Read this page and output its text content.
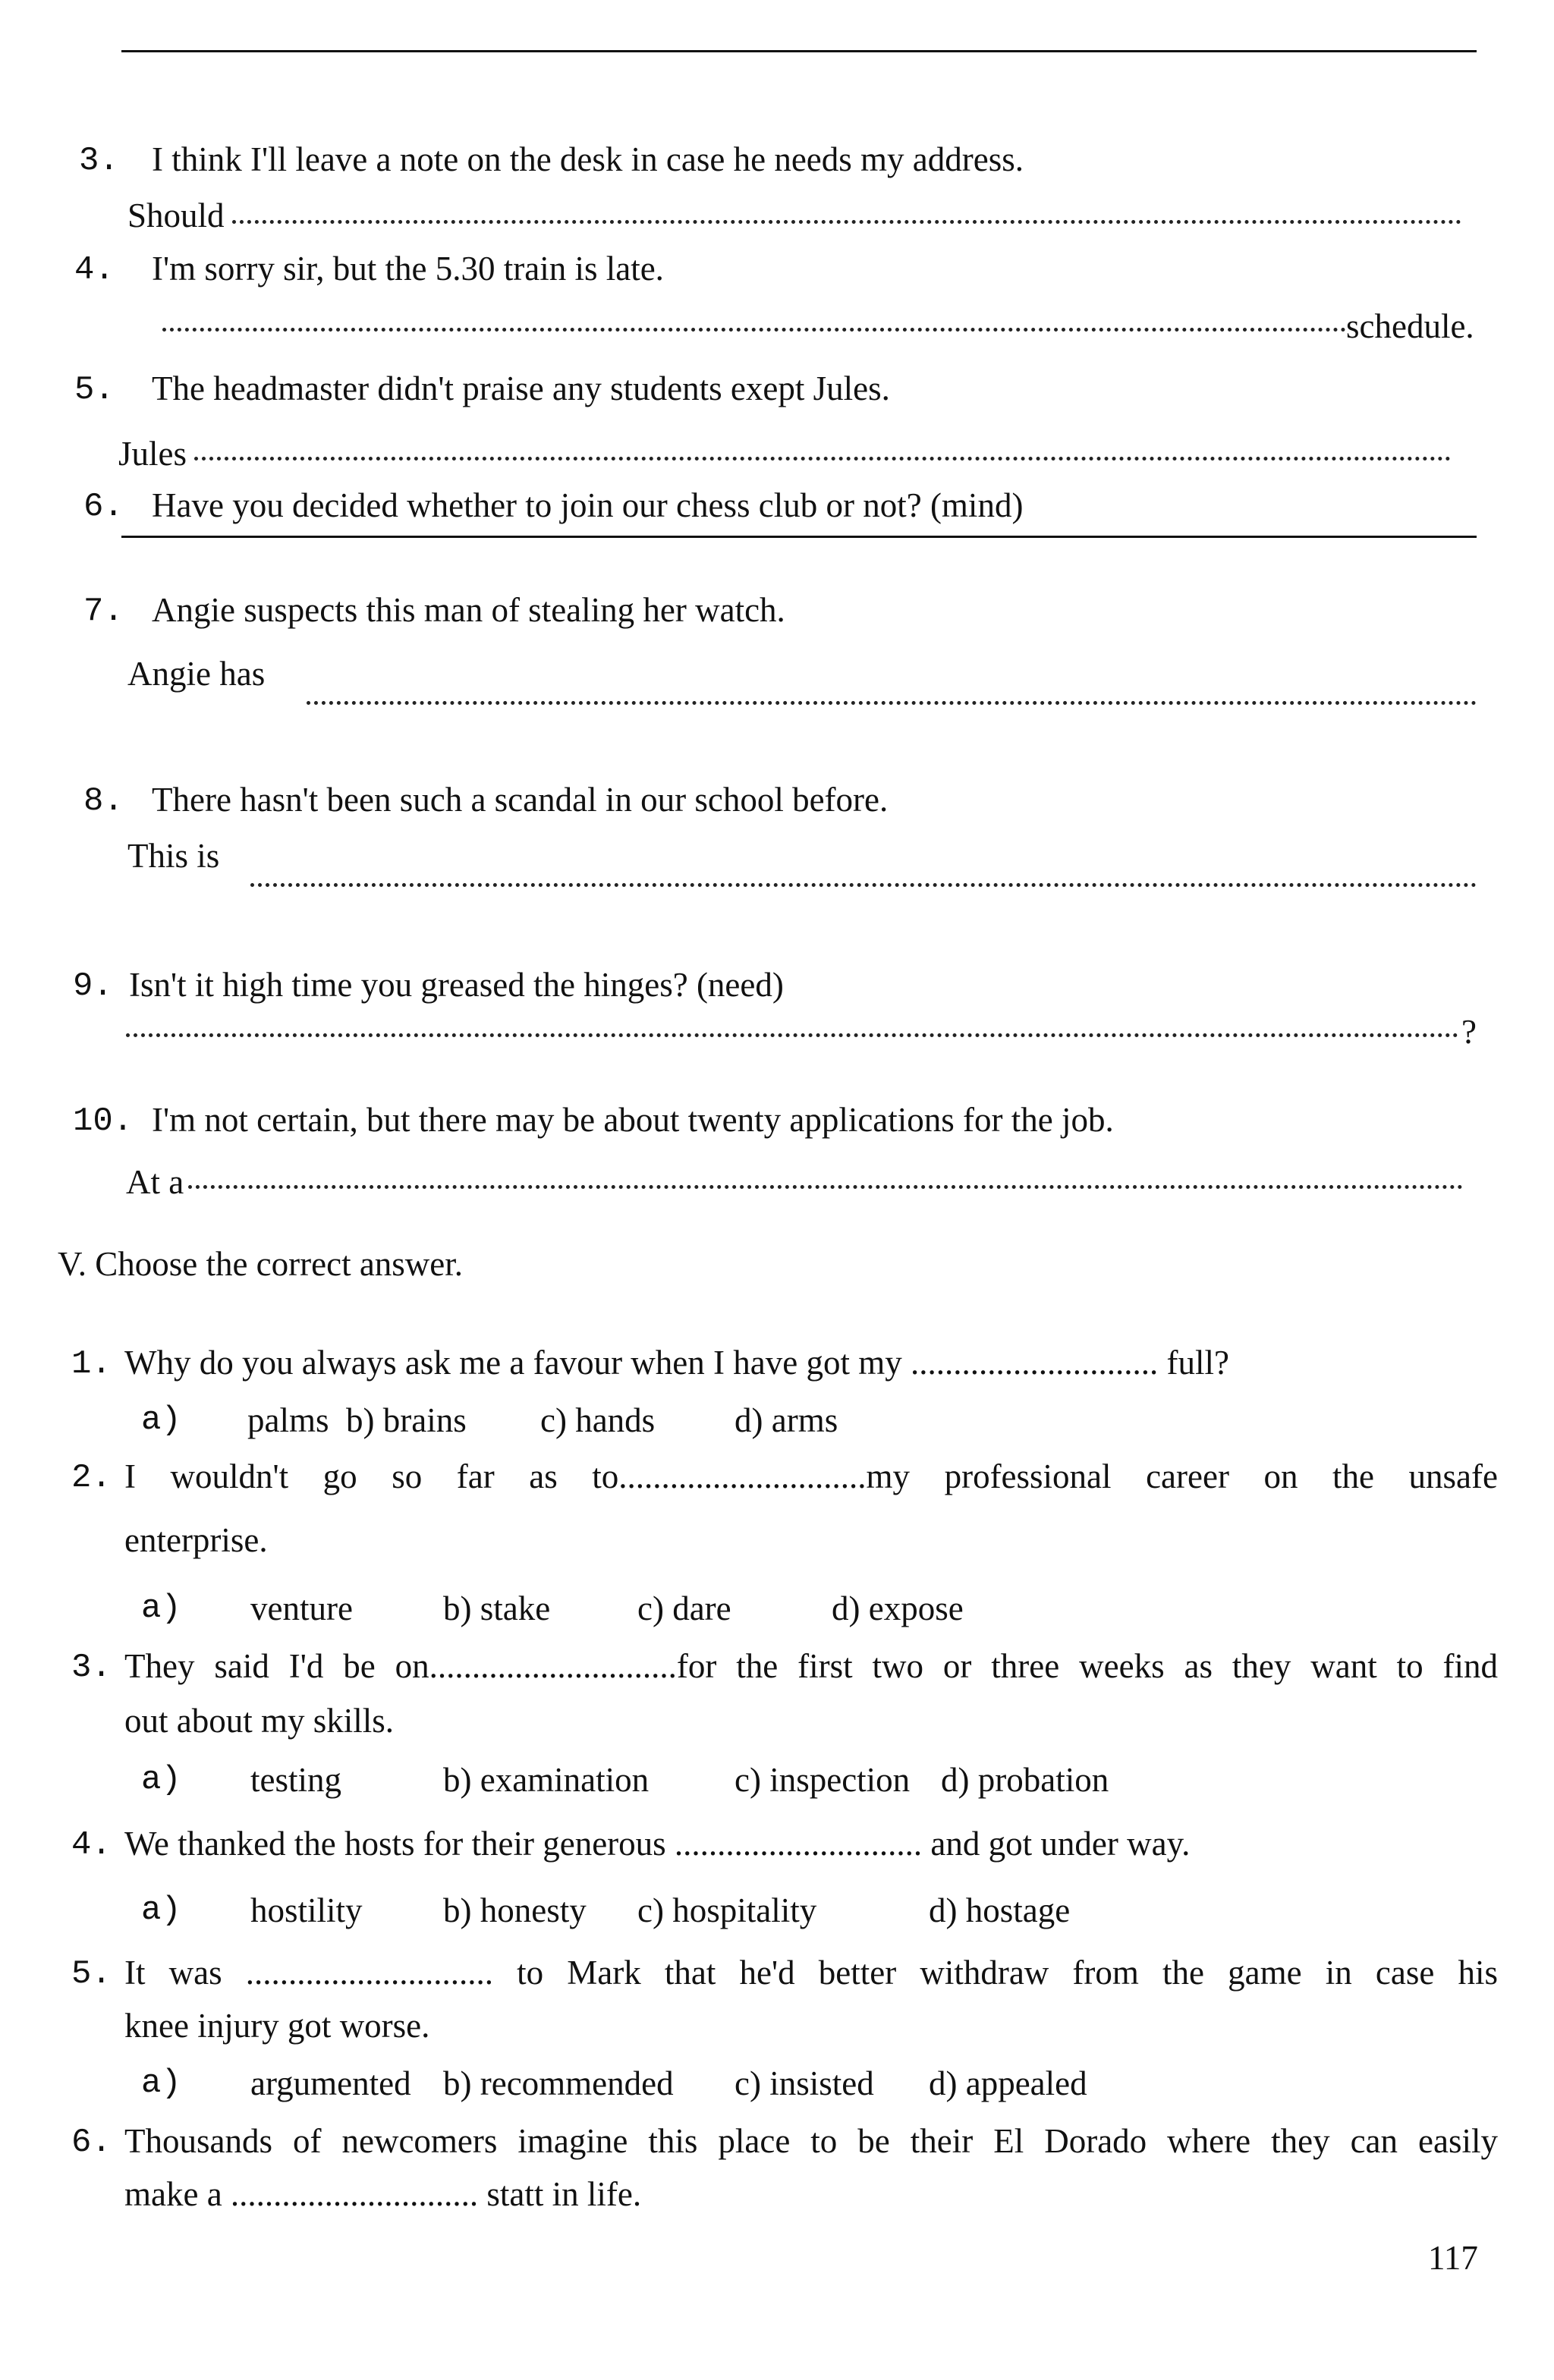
3. I think I'll leave a note on the desk in case he needs my address.
Should
4. I'm sorry sir, but the 5.30 train is late.
schedule.
5. The headmaster didn't praise any students exept Jules.
Jules
6. Have you decided whether to join our chess club or not? (mind)
7. Angie suspects this man of stealing her watch.
Angie has
8. There hasn't been such a scandal in our school before.
This is
9. Isn't it high time you greased the hinges? (need)
?
10. I'm not certain, but there may be about twenty applications for the job.
At a
V. Choose the correct answer.
1. Why do you always ask me a favour when I have got my ............................. full?
a) palms b) brains c) hands d) arms
2. I wouldn't go so far as to.............................my professional career on the unsafe
enterprise.
a) venture	b) stake	c) dare	d) expose
3. They said I'd be on.............................for the first two or three weeks as they want to find
out about my skills.
a) testing	b) examination	c) inspection d) probation
4. We thanked the hosts for their generous ............................. and got under way.
a) hostility b) honesty c) hospitality	d) hostage
5. It was ............................. to Mark that he'd better withdraw from the game in case his
knee injury got worse.
a) argumented b) recommended c) insisted d) appealed
6. Thousands of newcomers imagine this place to be their El Dorado where they can easily
make a ............................. statt in life.
117
